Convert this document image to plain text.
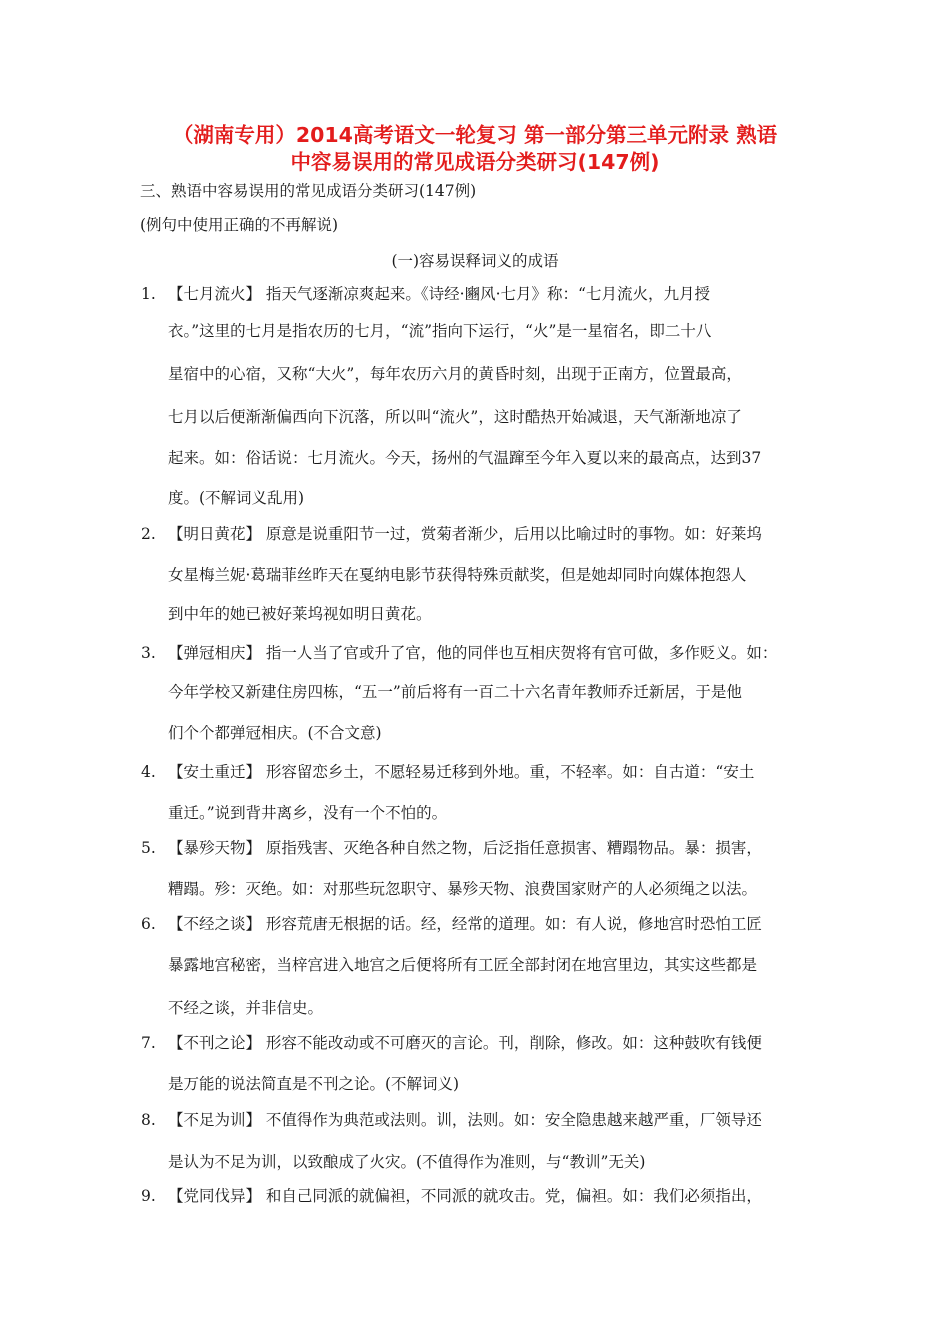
（湖南专用）2014高考语文一轮复习 第一部分第三单元附录 熟语
中容易误用的常见成语分类研习(147例)
三、熟语中容易误用的常见成语分类研习(147例)
(例句中使用正确的不再解说)
(一)容易误释词义的成语
1. 【七月流火】 指天气逐渐凉爽起来。《诗经·豳风·七月》称：“七月流火，九月授
衣。”这里的七月是指农历的七月，“流”指向下运行，“火”是一星宿名，即二十八
星宿中的心宿，又称“大火”，每年农历六月的黄昏时刻，出现于正南方，位置最高，
七月以后便渐渐偏西向下沉落，所以叫“流火”，这时酷热开始减退，天气渐渐地凉了
起来。如：俗话说：七月流火。今天，扬州的气温蹿至今年入夏以来的最高点，达到37
度。(不解词义乱用)
2. 【明日黄花】 原意是说重阳节一过，赏菊者渐少，后用以比喻过时的事物。如：好莱坞
女星梅兰妮·葛瑞菲丝昨天在戛纳电影节获得特殊贡献奖，但是她却同时向媒体抱怨人
到中年的她已被好莱坞视如明日黄花。
3. 【弹冠相庆】 指一人当了官或升了官，他的同伴也互相庆贺将有官可做，多作贬义。如：
今年学校又新建住房四栋，“五一”前后将有一百二十六名青年教师乔迁新居，于是他
们个个都弹冠相庆。(不合文意)
4. 【安土重迁】 形容留恋乡土，不愿轻易迁移到外地。重，不轻率。如：自古道：“安土
重迁。”说到背井离乡，没有一个不怕的。
5. 【暴殄天物】 原指残害、灭绝各种自然之物，后泛指任意损害、糟蹋物品。暴：损害，
糟蹋。殄：灭绝。如：对那些玩忽职守、暴殄天物、浪费国家财产的人必须绳之以法。
6. 【不经之谈】 形容荒唐无根据的话。经，经常的道理。如：有人说，修地宫时恐怕工匠
暴露地宫秘密，当梓宫进入地宫之后便将所有工匠全部封闭在地宫里边，其实这些都是
不经之谈，并非信史。
7. 【不刊之论】 形容不能改动或不可磨灭的言论。刊，削除，修改。如：这种鼓吹有钱便
是万能的说法简直是不刊之论。(不解词义)
8. 【不足为训】 不值得作为典范或法则。训，法则。如：安全隐患越来越严重，厂领导还
是认为不足为训，以致酿成了火灾。(不值得作为准则，与“教训”无关)
9. 【党同伐异】 和自己同派的就偏袒，不同派的就攻击。党，偏袒。如：我们必须指出，
